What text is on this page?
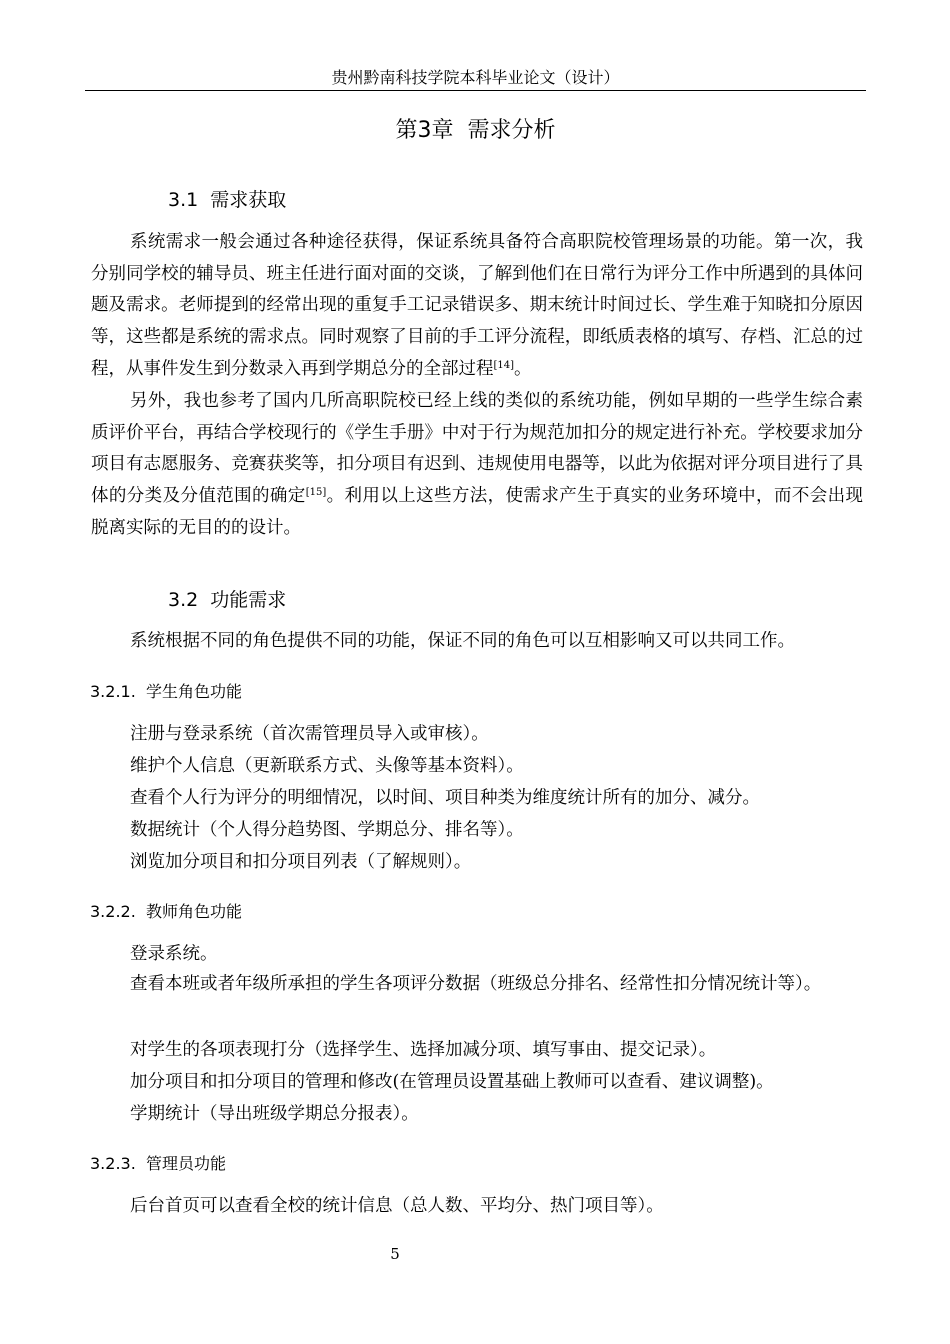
贵州黔南科技学院本科毕业论文（设计）
第3章  需求分析
3.1  需求获取

系统需求一般会通过各种途径获得，保证系统具备符合高职院校管理场景的功能。第一次，我分别同学校的辅导员、班主任进行面对面的交谈，了解到他们在日常行为评分工作中所遇到的具体问题及需求。老师提到的经常出现的重复手工记录错误多、期末统计时间过长、学生难于知晓扣分原因等，这些都是系统的需求点。同时观察了目前的手工评分流程，即纸质表格的填写、存档、汇总的过程，从事件发生到分数录入再到学期总分的全部过程[14]。

另外，我也参考了国内几所高职院校已经上线的类似的系统功能，例如早期的一些学生综合素质评价平台，再结合学校现行的《学生手册》中对于行为规范加扣分的规定进行补充。学校要求加分项目有志愿服务、竞赛获奖等，扣分项目有迟到、违规使用电器等，以此为依据对评分项目进行了具体的分类及分值范围的确定[15]。利用以上这些方法，使需求产生于真实的业务环境中，而不会出现脱离实际的无目的的设计。

3.2  功能需求

系统根据不同的角色提供不同的功能，保证不同的角色可以互相影响又可以共同工作。

3.2.1.  学生角色功能
注册与登录系统（首次需管理员导入或审核）。
维护个人信息（更新联系方式、头像等基本资料）。
查看个人行为评分的明细情况，以时间、项目种类为维度统计所有的加分、减分。
数据统计（个人得分趋势图、学期总分、排名等）。
浏览加分项目和扣分项目列表（了解规则）。
3.2.2.  教师角色功能
登录系统。

查看本班或者年级所承担的学生各项评分数据（班级总分排名、经常性扣分情况统计等）。

对学生的各项表现打分（选择学生、选择加减分项、填写事由、提交记录）。
加分项目和扣分项目的管理和修改(在管理员设置基础上教师可以查看、建议调整)。
学期统计（导出班级学期总分报表）。
3.2.3.  管理员功能
后台首页可以查看全校的统计信息（总人数、平均分、热门项目等）。
5
